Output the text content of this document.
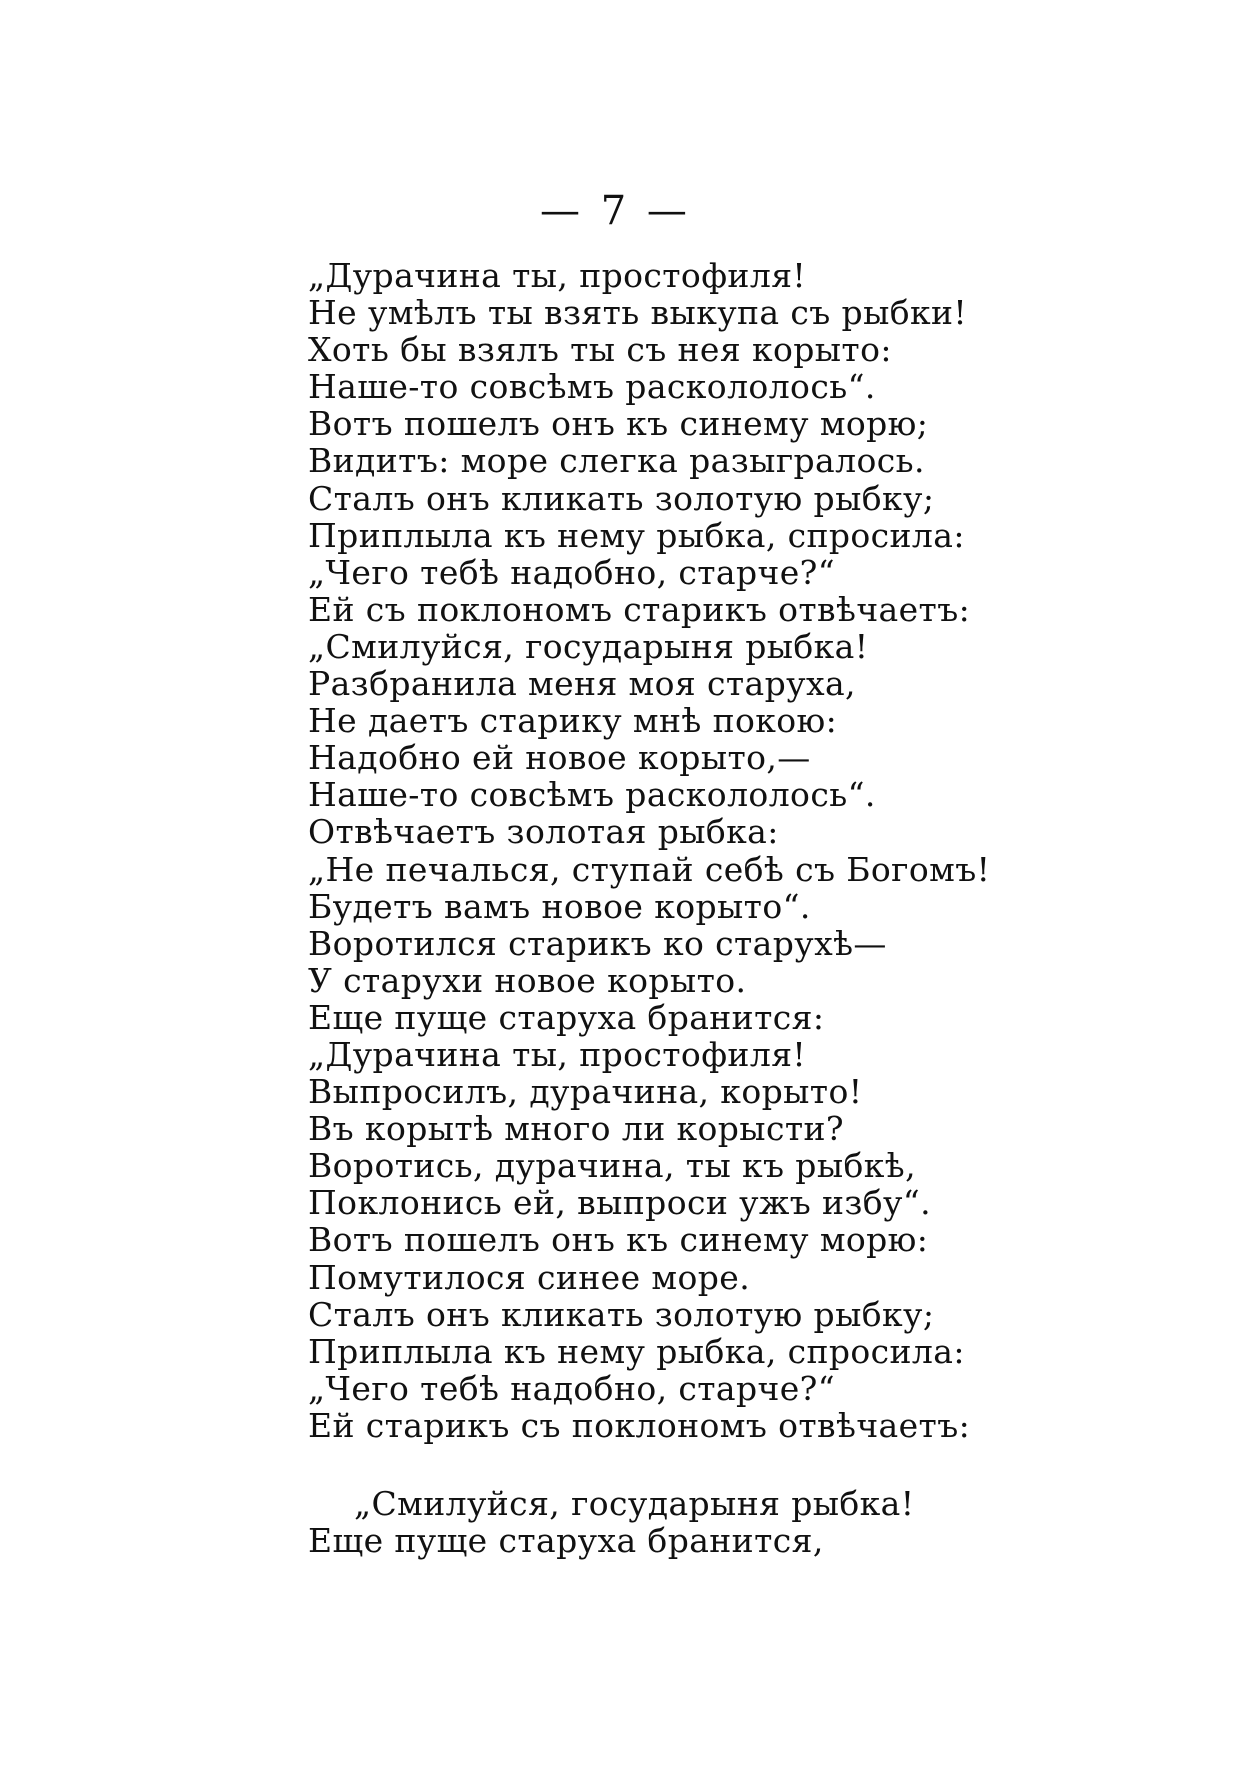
— 7 —
„Дурачина ты, простофиля!
Не умѣлъ ты взять выкупа съ рыбки!
Хоть бы взялъ ты съ нея корыто:
Наше-то совсѣмъ раскололось“.
Вотъ пошелъ онъ къ синему морю;
Видитъ: море слегка разыгралось.
Сталъ онъ кликать золотую рыбку;
Приплыла къ нему рыбка, спросила:
„Чего тебѣ надобно, старче?“
Ей съ поклономъ старикъ отвѣчаетъ:
„Смилуйся, государыня рыбка!
Разбранила меня моя старуха,
Не даетъ старику мнѣ покою:
Надобно ей новое корыто,—
Наше-то совсѣмъ раскололось“.
Отвѣчаетъ золотая рыбка:
„Не печалься, ступай себѣ съ Богомъ!
Будетъ вамъ новое корыто“.
Воротился старикъ ко старухѣ—
У старухи новое корыто.
Еще пуще старуха бранится:
„Дурачина ты, простофиля!
Выпросилъ, дурачина, корыто!
Въ корытѣ много ли корысти?
Воротись, дурачина, ты къ рыбкѣ,
Поклонись ей, выпроси ужъ избу“.
Вотъ пошелъ онъ къ синему морю:
Помутилося синее море.
Сталъ онъ кликать золотую рыбку;
Приплыла къ нему рыбка, спросила:
„Чего тебѣ надобно, старче?“
Ей старикъ съ поклономъ отвѣчаетъ:
„Смилуйся, государыня рыбка!
Еще пуще старуха бранится,
